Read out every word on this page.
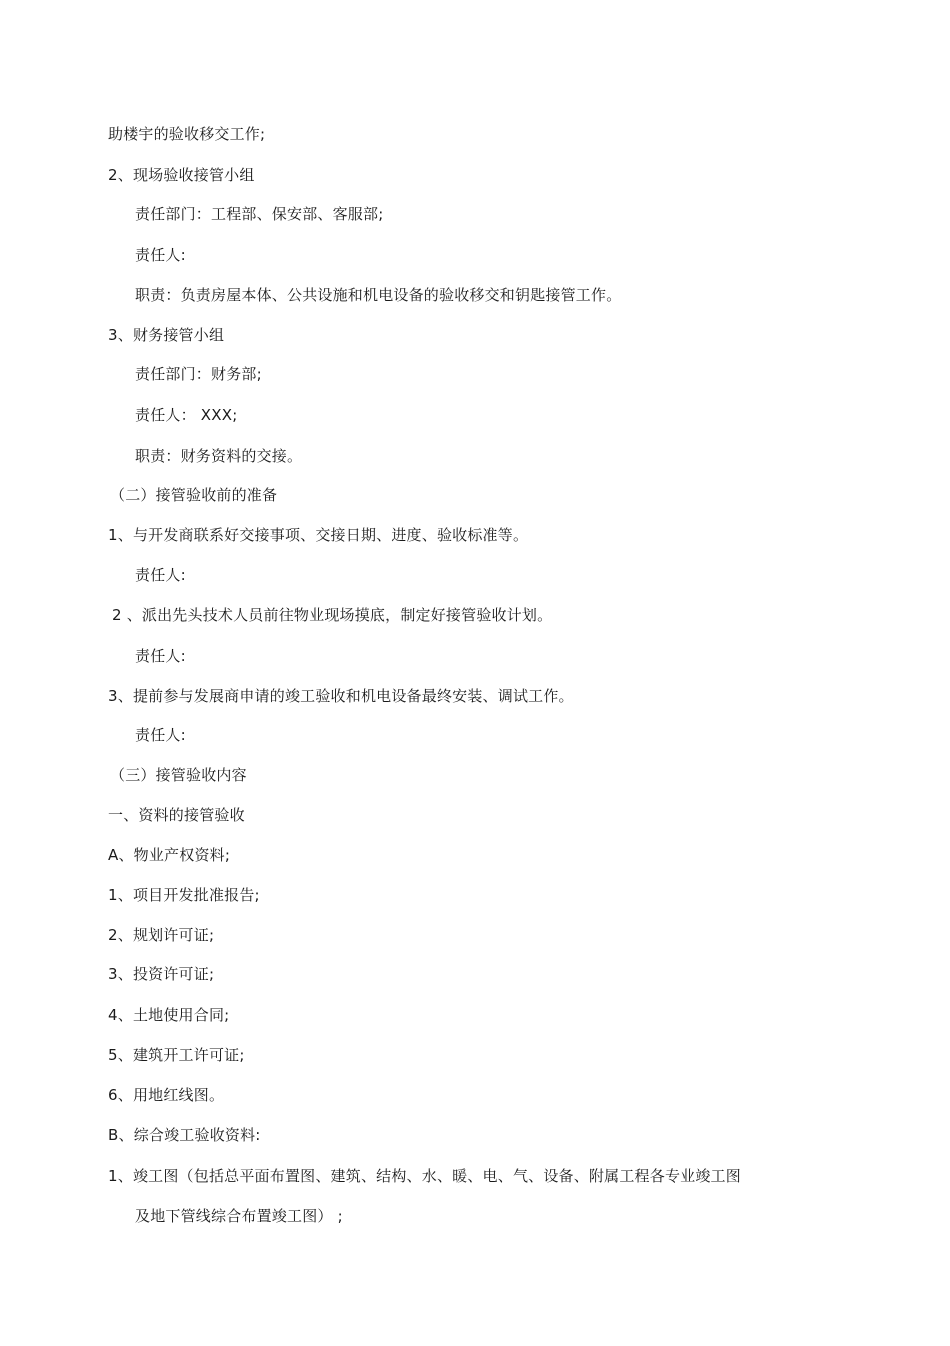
助楼宇的验收移交工作;
2、现场验收接管小组
责任部门：工程部、保安部、客服部;
责任人:
职责：负责房屋本体、公共设施和机电设备的验收移交和钥匙接管工作。
3、财务接管小组
责任部门：财务部;
责任人： XXX;
职责：财务资料的交接。
（二）接管验收前的准备
1、与开发商联系好交接事项、交接日期、进度、验收标准等。
责任人:
2 、派出先头技术人员前往物业现场摸底，制定好接管验收计划。
责任人:
3、提前参与发展商申请的竣工验收和机电设备最终安装、调试工作。
责任人:
（三）接管验收内容
一、资料的接管验收
A、物业产权资料;
1、项目开发批准报告;
2、规划许可证;
3、投资许可证;
4、土地使用合同;
5、建筑开工许可证;
6、用地红线图。
B、综合竣工验收资料:
1、竣工图（包括总平面布置图、建筑、结构、水、暖、电、气、设备、附属工程各专业竣工图
及地下管线综合布置竣工图） ;
